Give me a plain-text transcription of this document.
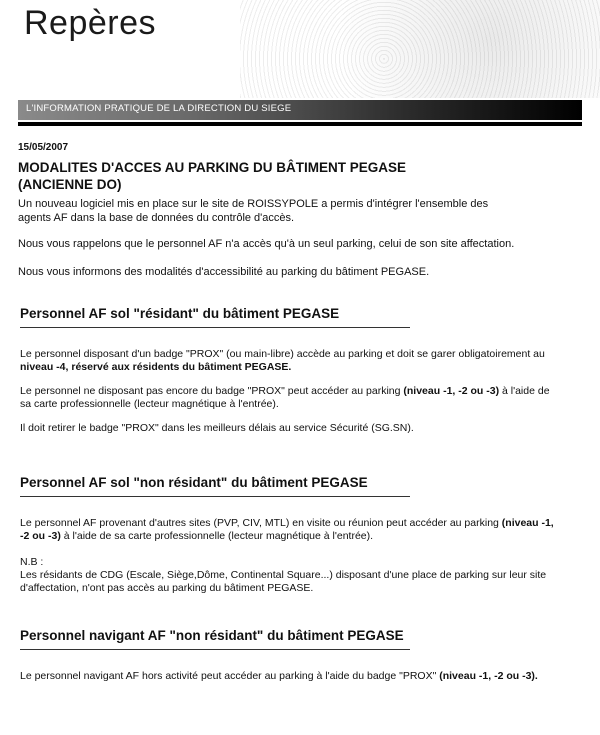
Repères
L'INFORMATION PRATIQUE DE LA DIRECTION DU SIEGE
15/05/2007
MODALITES D'ACCES AU PARKING DU BÂTIMENT PEGASE (ANCIENNE DO)

Un nouveau logiciel mis en place sur le site de ROISSYPOLE a permis d'intégrer l'ensemble des agents AF dans la base de données du contrôle d'accès.

Nous vous rappelons que le personnel AF n'a accès qu'à un seul parking, celui de son site affectation.

Nous vous informons des modalités d'accessibilité au parking du bâtiment PEGASE.

Personnel AF sol "résidant" du bâtiment PEGASE

Le personnel disposant d'un badge "PROX" (ou main-libre) accède au parking et doit se garer obligatoirement au niveau -4, réservé aux résidents du bâtiment PEGASE.

Le personnel ne disposant pas encore du badge "PROX" peut accéder au parking (niveau -1, -2 ou -3) à l'aide de sa carte professionnelle (lecteur magnétique à l'entrée).

Il doit retirer le badge "PROX" dans les meilleurs délais au service Sécurité (SG.SN).

Personnel AF sol "non résidant" du bâtiment PEGASE

Le personnel AF provenant d'autres sites (PVP, CIV, MTL) en visite ou réunion peut accéder au parking (niveau -1, -2 ou -3) à l'aide de sa carte professionnelle (lecteur magnétique à l'entrée).

N.B :

Les résidants de CDG (Escale, Siège,Dôme, Continental Square...) disposant d'une place de parking sur leur site d'affectation, n'ont pas accès au parking du bâtiment PEGASE.

Personnel navigant AF "non résidant" du bâtiment PEGASE

Le personnel navigant AF hors activité peut accéder au parking à l'aide du badge "PROX" (niveau -1, -2 ou -3).
